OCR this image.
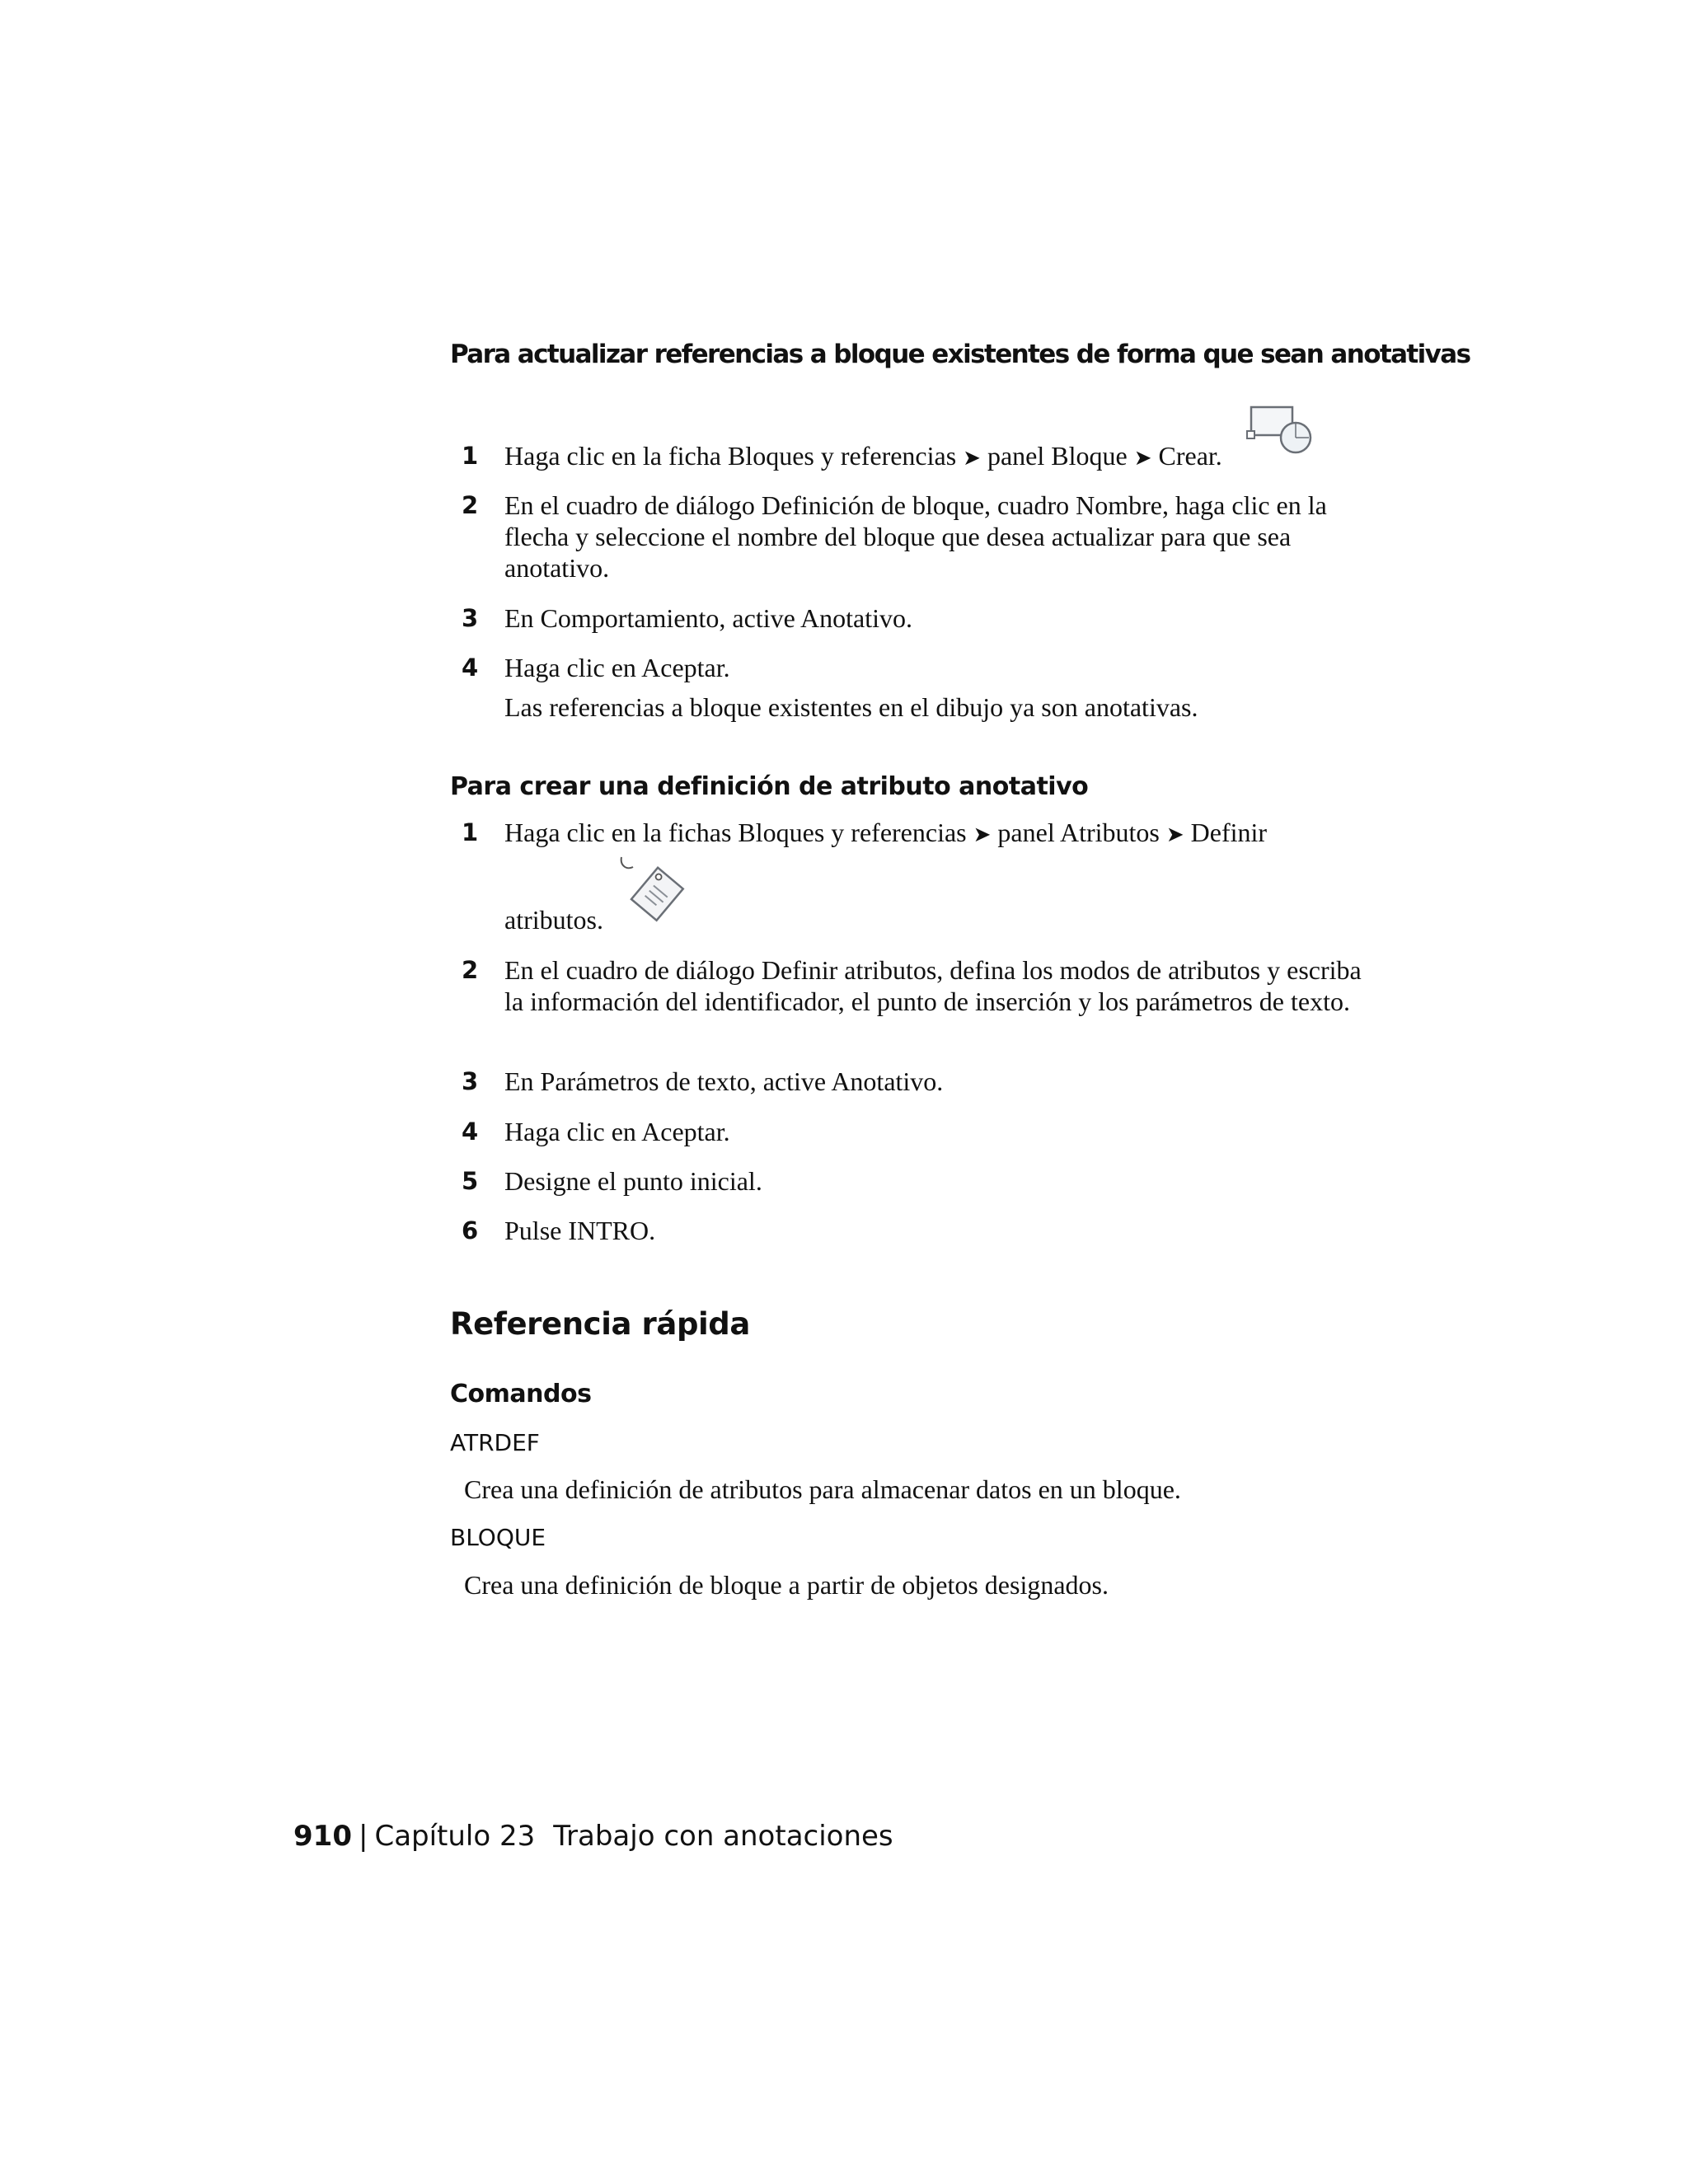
Para actualizar referencias a bloque existentes de forma que sean anotativas
1 Haga clic en la ficha Bloques y referencias ➤ panel Bloque ➤ Crear.
2 En el cuadro de diálogo Definición de bloque, cuadro Nombre, haga clic en la flecha y seleccione el nombre del bloque que desea actualizar para que sea anotativo.
3 En Comportamiento, active Anotativo.
4 Haga clic en Aceptar.
Las referencias a bloque existentes en el dibujo ya son anotativas.
Para crear una definición de atributo anotativo
1 Haga clic en la fichas Bloques y referencias ➤ panel Atributos ➤ Definir
atributos.
2 En el cuadro de diálogo Definir atributos, defina los modos de atributos y escriba la información del identificador, el punto de inserción y los parámetros de texto.
3 En Parámetros de texto, active Anotativo.
4 Haga clic en Aceptar.
5 Designe el punto inicial.
6 Pulse INTRO.
Referencia rápida
Comandos
ATRDEF
Crea una definición de atributos para almacenar datos en un bloque.
BLOQUE
Crea una definición de bloque a partir de objetos designados.
910 | Capítulo 23 Trabajo con anotaciones
